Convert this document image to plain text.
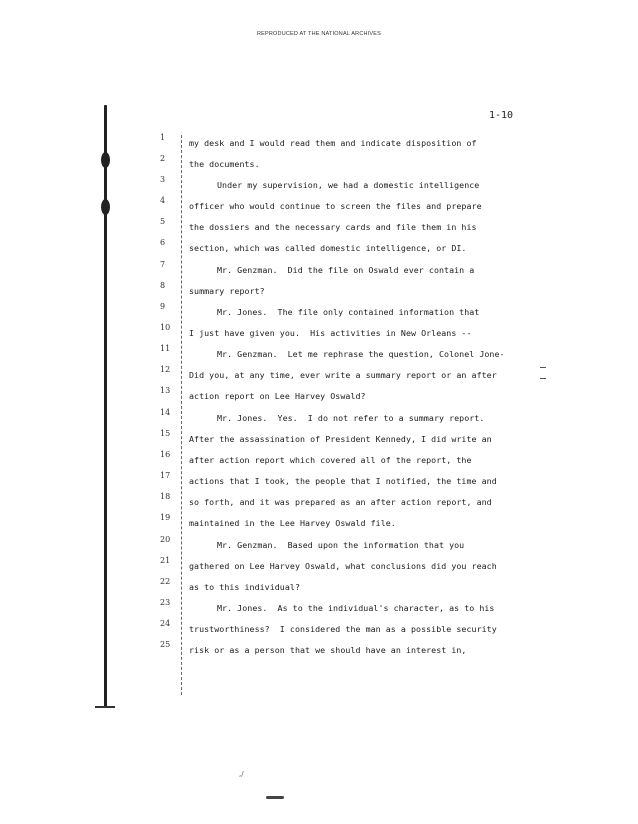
REPRODUCED AT THE NATIONAL ARCHIVES
1-10
1
2
3
4
5
6
7
8
9
10
11
12
13
14
15
16
17
18
19
20
21
22
23
24
25
my desk and I would read them and indicate disposition of
the documents.
Under my supervision, we had a domestic intelligence
officer who would continue to screen the files and prepare
the dossiers and the necessary cards and file them in his
section, which was called domestic intelligence, or DI.
Mr. Genzman.  Did the file on Oswald ever contain a
summary report?
Mr. Jones.  The file only contained information that
I just have given you.  His activities in New Orleans --
Mr. Genzman.  Let me rephrase the question, Colonel Jone-
Did you, at any time, ever write a summary report or an after
action report on Lee Harvey Oswald?
Mr. Jones.  Yes.  I do not refer to a summary report.
After the assassination of President Kennedy, I did write an
after action report which covered all of the report, the
actions that I took, the people that I notified, the time and
so forth, and it was prepared as an after action report, and
maintained in the Lee Harvey Oswald file.
Mr. Genzman.  Based upon the information that you
gathered on Lee Harvey Oswald, what conclusions did you reach
as to this individual?
Mr. Jones.  As to the individual's character, as to his
trustworthiness?  I considered the man as a possible security
risk or as a person that we should have an interest in,
,/
